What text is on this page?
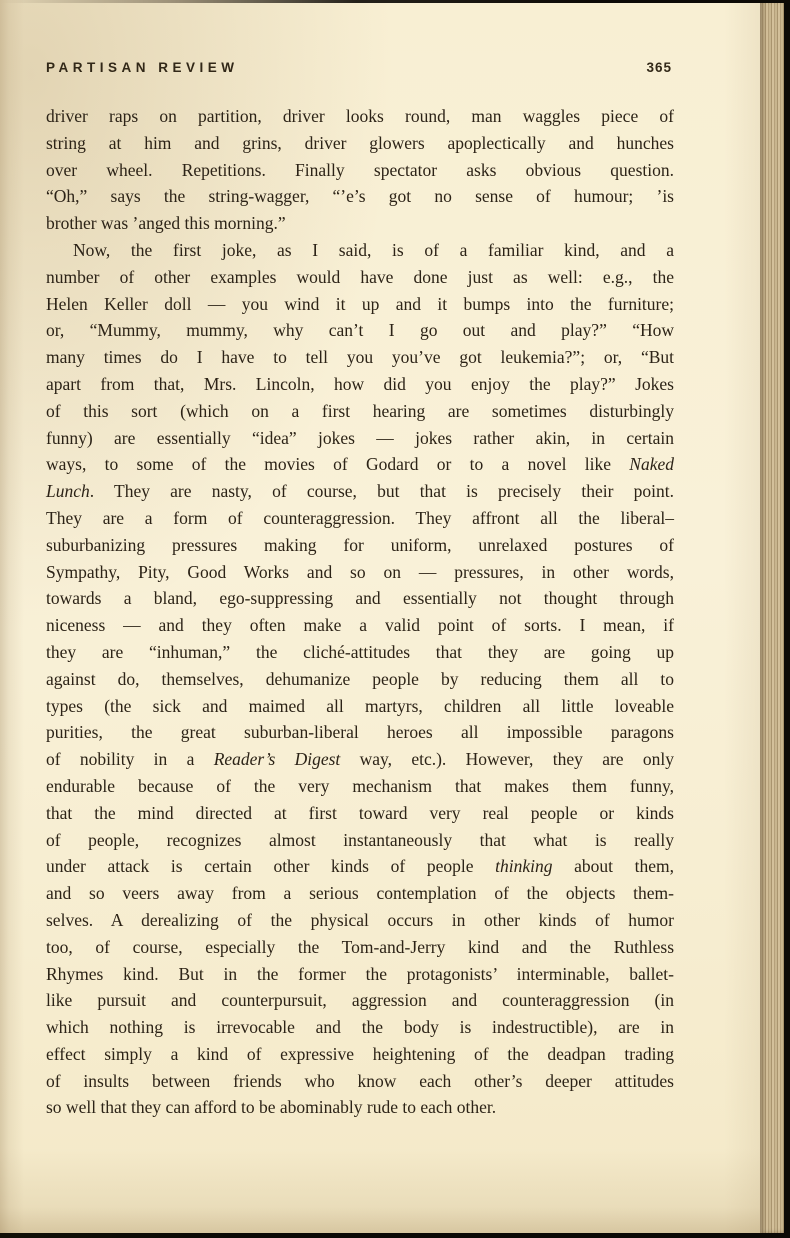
PARTISAN REVIEW	365
driver raps on partition, driver looks round, man waggles piece of
string at him and grins, driver glowers apoplectically and hunches
over wheel. Repetitions. Finally spectator asks obvious question.
“Oh,” says the string-wagger, “’e’s got no sense of humour; ’is
brother was ’anged this morning.”
Now, the first joke, as I said, is of a familiar kind, and a
number of other examples would have done just as well: e.g., the
Helen Keller doll — you wind it up and it bumps into the furniture;
or, “Mummy, mummy, why can’t I go out and play?” “How
many times do I have to tell you you’ve got leukemia?”; or, “But
apart from that, Mrs. Lincoln, how did you enjoy the play?” Jokes
of this sort (which on a first hearing are sometimes disturbingly
funny) are essentially “idea” jokes — jokes rather akin, in certain
ways, to some of the movies of Godard or to a novel like Naked
Lunch. They are nasty, of course, but that is precisely their point.
They are a form of counteraggression. They affront all the liberal–
suburbanizing pressures making for uniform, unrelaxed postures of
Sympathy, Pity, Good Works and so on — pressures, in other words,
towards a bland, ego-suppressing and essentially not thought through
niceness — and they often make a valid point of sorts. I mean, if
they are “inhuman,” the cliché-attitudes that they are going up
against do, themselves, dehumanize people by reducing them all to
types (the sick and maimed all martyrs, children all little loveable
purities, the great suburban-liberal heroes all impossible paragons
of nobility in a Reader’s Digest way, etc.). However, they are only
endurable because of the very mechanism that makes them funny,
that the mind directed at first toward very real people or kinds
of people, recognizes almost instantaneously that what is really
under attack is certain other kinds of people thinking about them,
and so veers away from a serious contemplation of the objects them-
selves. A derealizing of the physical occurs in other kinds of humor
too, of course, especially the Tom-and-Jerry kind and the Ruthless
Rhymes kind. But in the former the protagonists’ interminable, ballet-
like pursuit and counterpursuit, aggression and counteraggression (in
which nothing is irrevocable and the body is indestructible), are in
effect simply a kind of expressive heightening of the deadpan trading
of insults between friends who know each other’s deeper attitudes
so well that they can afford to be abominably rude to each other.
